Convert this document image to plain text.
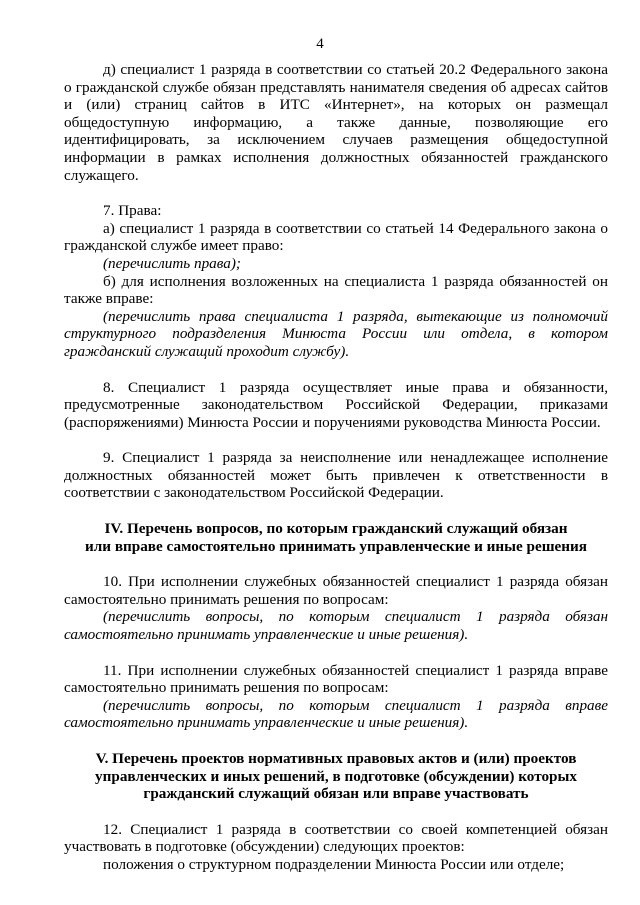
4

д) специалист 1 разряда в соответствии со статьей 20.2 Федерального закона о гражданской службе обязан представлять нанимателя сведения об адресах сайтов и (или) страниц сайтов в ИТС «Интернет», на которых он размещал общедоступную информацию, а также данные, позволяющие его идентифицировать, за исключением случаев размещения общедоступной информации в рамках исполнения должностных обязанностей гражданского служащего.

7. Права:

а) специалист 1 разряда в соответствии со статьей 14 Федерального закона о гражданской службе имеет право:

(перечислить права);

б) для исполнения возложенных на специалиста 1 разряда обязанностей он также вправе:

(перечислить права специалиста 1 разряда, вытекающие из полномочий структурного подразделения Минюста России или отдела, в котором гражданский служащий проходит службу).

8. Специалист 1 разряда осуществляет иные права и обязанности, предусмотренные законодательством Российской Федерации, приказами (распоряжениями) Минюста России и поручениями руководства Минюста России.

9. Специалист 1 разряда за неисполнение или ненадлежащее исполнение должностных обязанностей может быть привлечен к ответственности в соответствии с законодательством Российской Федерации.

IV. Перечень вопросов, по которым гражданский служащий обязан
или вправе самостоятельно принимать управленческие и иные решения

10. При исполнении служебных обязанностей специалист 1 разряда обязан самостоятельно принимать решения по вопросам:

(перечислить вопросы, по которым специалист 1 разряда обязан самостоятельно принимать управленческие и иные решения).

11. При исполнении служебных обязанностей специалист 1 разряда вправе самостоятельно принимать решения по вопросам:

(перечислить вопросы, по которым специалист 1 разряда вправе самостоятельно принимать управленческие и иные решения).

V. Перечень проектов нормативных правовых актов и (или) проектов
управленческих и иных решений, в подготовке (обсуждении) которых
гражданский служащий обязан или вправе участвовать

12. Специалист 1 разряда в соответствии со своей компетенцией обязан участвовать в подготовке (обсуждении) следующих проектов:

положения о структурном подразделении Минюста России или отделе;
